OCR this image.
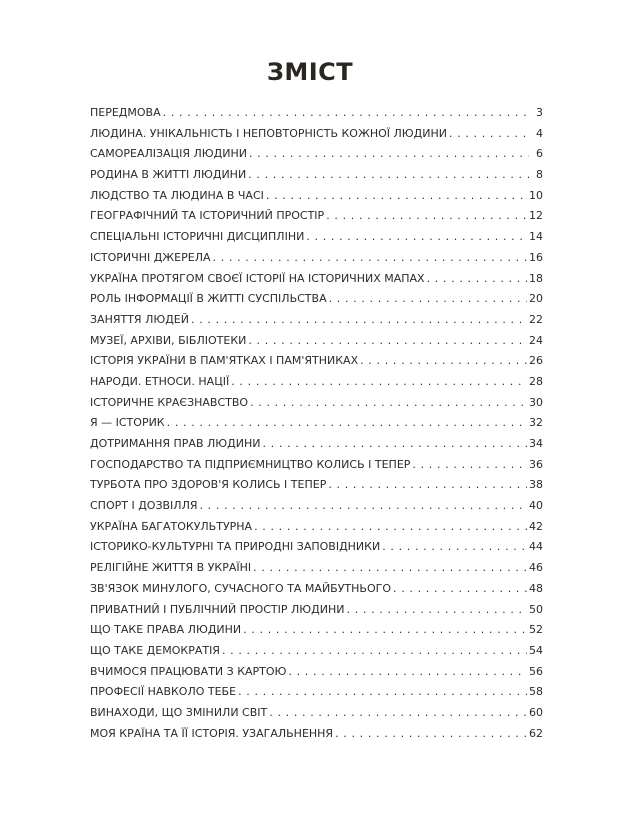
ЗМІСТ
ПЕРЕДМОВА . . .	3
ЛЮДИНА. УНІКАЛЬНІСТЬ І НЕПОВТОРНІСТЬ КОЖНОЇ ЛЮДИНИ . . .	4
САМОРЕАЛІЗАЦІЯ ЛЮДИНИ . . .	6
РОДИНА В ЖИТТІ ЛЮДИНИ . . .	8
ЛЮДСТВО ТА ЛЮДИНА В ЧАСІ . . .	10
ГЕОГРАФІЧНИЙ ТА ІСТОРИЧНИЙ ПРОСТІР . . .	12
СПЕЦІАЛЬНІ ІСТОРИЧНІ ДИСЦИПЛІНИ . . .	14
ІСТОРИЧНІ ДЖЕРЕЛА . . .	16
УКРАЇНА ПРОТЯГОМ СВОЄЇ ІСТОРІЇ НА ІСТОРИЧНИХ МАПАХ . . .	18
РОЛЬ ІНФОРМАЦІЇ В ЖИТТІ СУСПІЛЬСТВА . . .	20
ЗАНЯТТЯ ЛЮДЕЙ . . .	22
МУЗЕЇ, АРХІВИ, БІБЛІОТЕКИ . . .	24
ІСТОРІЯ УКРАЇНИ В ПАМ'ЯТКАХ І ПАМ'ЯТНИКАХ . . .	26
НАРОДИ. ЕТНОСИ. НАЦІЇ . . .	28
ІСТОРИЧНЕ КРАЄЗНАВСТВО . . .	30
Я — ІСТОРИК . . .	32
ДОТРИМАННЯ ПРАВ ЛЮДИНИ . . .	34
ГОСПОДАРСТВО ТА ПІДПРИЄМНИЦТВО КОЛИСЬ І ТЕПЕР . . .	36
ТУРБОТА ПРО ЗДОРОВ'Я КОЛИСЬ І ТЕПЕР . . .	38
СПОРТ І ДОЗВІЛЛЯ . . .	40
УКРАЇНА БАГАТОКУЛЬТУРНА . . .	42
ІСТОРИКО-КУЛЬТУРНІ ТА ПРИРОДНІ ЗАПОВІДНИКИ . . .	44
РЕЛІГІЙНЕ ЖИТТЯ В УКРАЇНІ . . .	46
ЗВ'ЯЗОК МИНУЛОГО, СУЧАСНОГО ТА МАЙБУТНЬОГО . . .	48
ПРИВАТНИЙ І ПУБЛІЧНИЙ ПРОСТІР ЛЮДИНИ . . .	50
ЩО ТАКЕ ПРАВА ЛЮДИНИ . . .	52
ЩО ТАКЕ ДЕМОКРАТІЯ . . .	54
ВЧИМОСЯ ПРАЦЮВАТИ З КАРТОЮ . . .	56
ПРОФЕСІЇ НАВКОЛО ТЕБЕ . . .	58
ВИНАХОДИ, ЩО ЗМІНИЛИ СВІТ . . .	60
МОЯ КРАЇНА ТА ЇЇ ІСТОРІЯ. УЗАГАЛЬНЕННЯ . . .	62
